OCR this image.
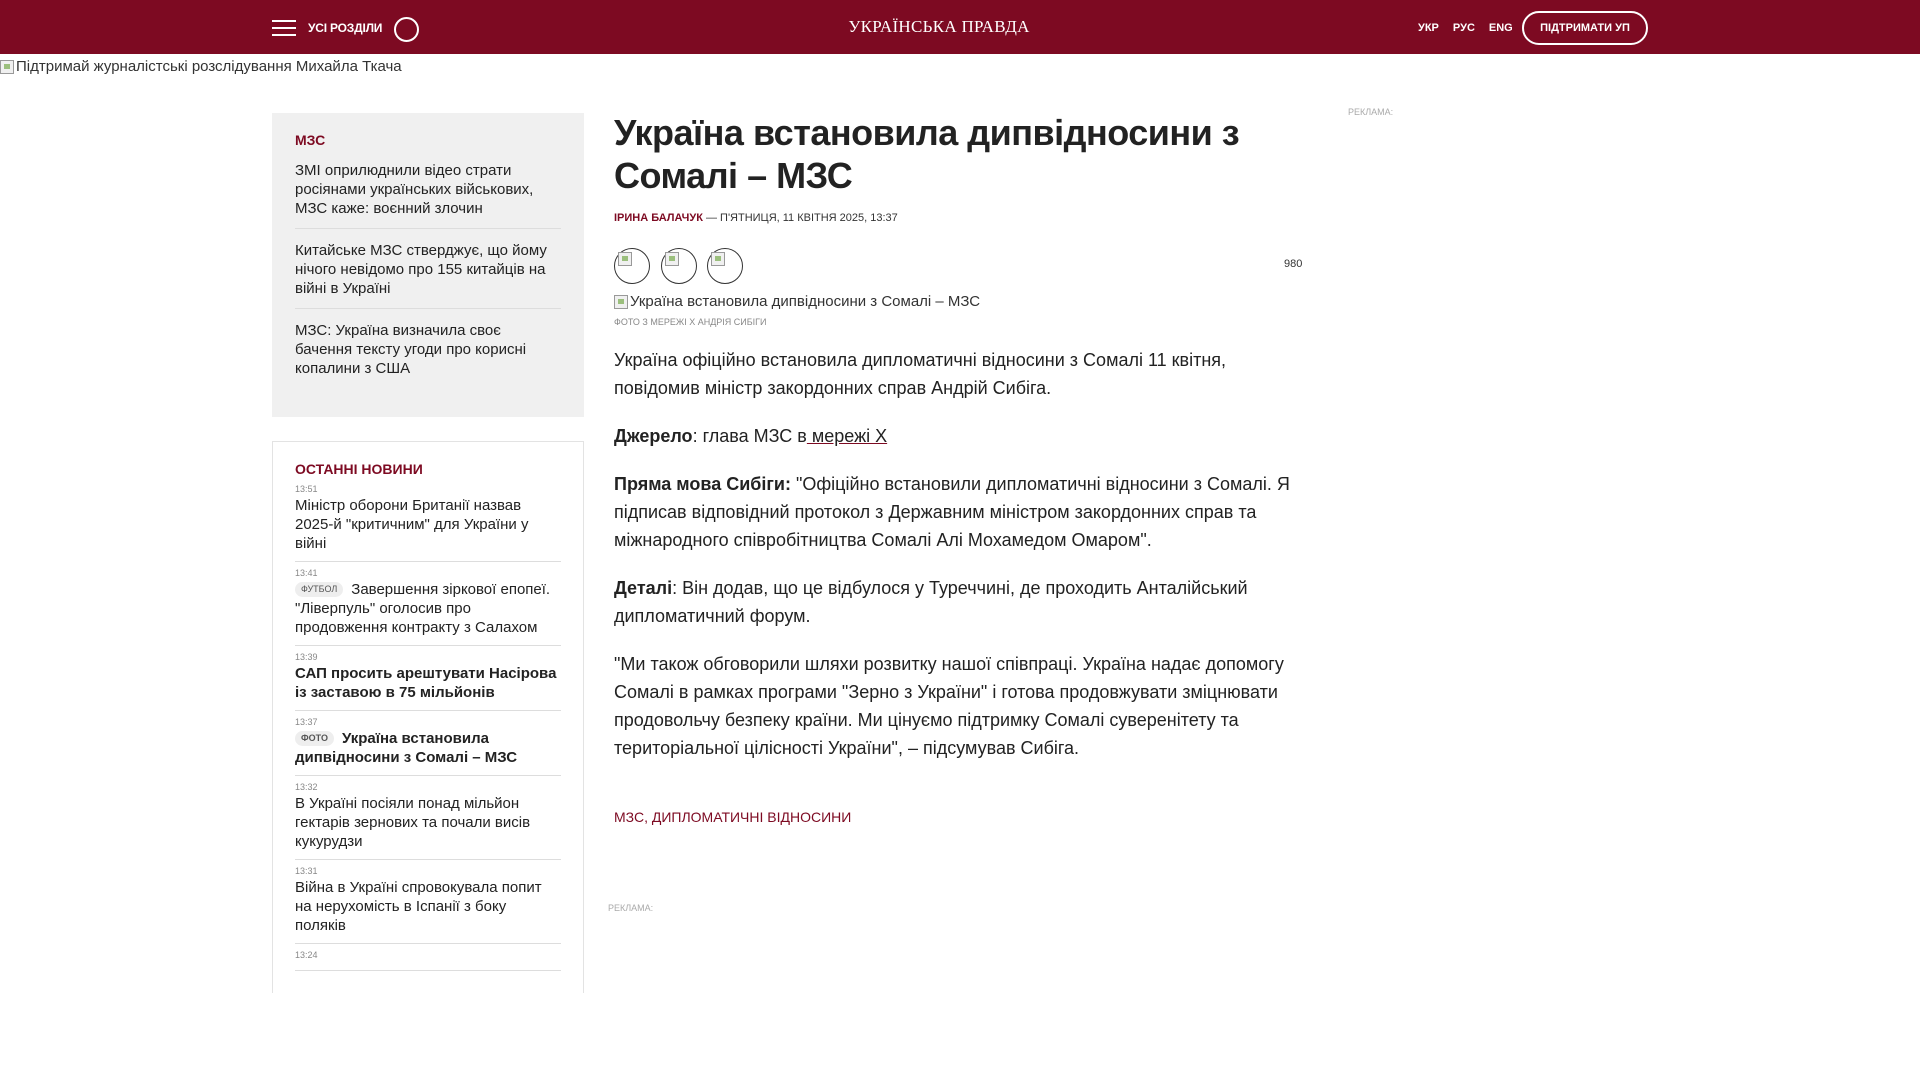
УСІ РОЗДІЛИ	УКРАЇНСЬКА ПРАВДА	УКР РУС ENG	ПІДТРИМАТИ УП
Підтримай журналістські розслідування Михайла Ткача
МЗС
ЗМІ оприлюднили відео страти росіянами українських військових, МЗС каже: воєнний злочин
Китайське МЗС стверджує, що йому нічого невідомо про 155 китайців на війні в Україні
МЗС: Україна визначила своє бачення тексту угоди про корисні копалини з США
ОСТАННІ НОВИНИ
13:51
Міністр оборони Британії назвав 2025-й "критичним" для України у війні
13:41
ФУТБОЛ Завершення зіркової епопеї. "Ліверпуль" оголосив про продовження контракту з Салахом
13:39
САП просить арештувати Насірова із заставою в 75 мільйонів
13:37
ФОТО Україна встановила дипвідносини з Сомалі – МЗС
13:32
В Україні посіяли понад мільйон гектарів зернових та почали висів кукурудзи
13:31
Війна в Україні спровокувала попит на нерухомість в Іспанії з боку поляків
13:24
Україна встановила дипвідносини з Сомалі – МЗС
ІРИНА БАЛАЧУК — П'ЯТНИЦЯ, 11 КВІТНЯ 2025, 13:37
980
Україна встановила дипвідносини з Сомалі – МЗС
ФОТО З МЕРЕЖІ Х АНДРІЯ СИБІГИ

Україна офіційно встановила дипломатичні відносини з Сомалі 11 квітня, повідомив міністр закордонних справ Андрій Сибіга.

Джерело: глава МЗС в мережі Х

Пряма мова Сибіги: "Офіційно встановили дипломатичні відносини з Сомалі. Я підписав відповідний протокол з Державним міністром закордонних справ та міжнародного співробітництва Сомалі Алі Мохамедом Омаром".

Деталі: Він додав, що це відбулося у Туреччині, де проходить Анталійський дипломатичний форум.

"Ми також обговорили шляхи розвитку нашої співпраці. Україна надає допомогу Сомалі в рамках програми "Зерно з України" і готова продовжувати зміцнювати продовольчу безпеку країни. Ми цінуємо підтримку Сомалі суверенітету та територіальної цілісності України", – підсумував Сибіга.

МЗС, ДИПЛОМАТИЧНІ ВІДНОСИНИ
РЕКЛАМА:
РЕКЛАМА:
